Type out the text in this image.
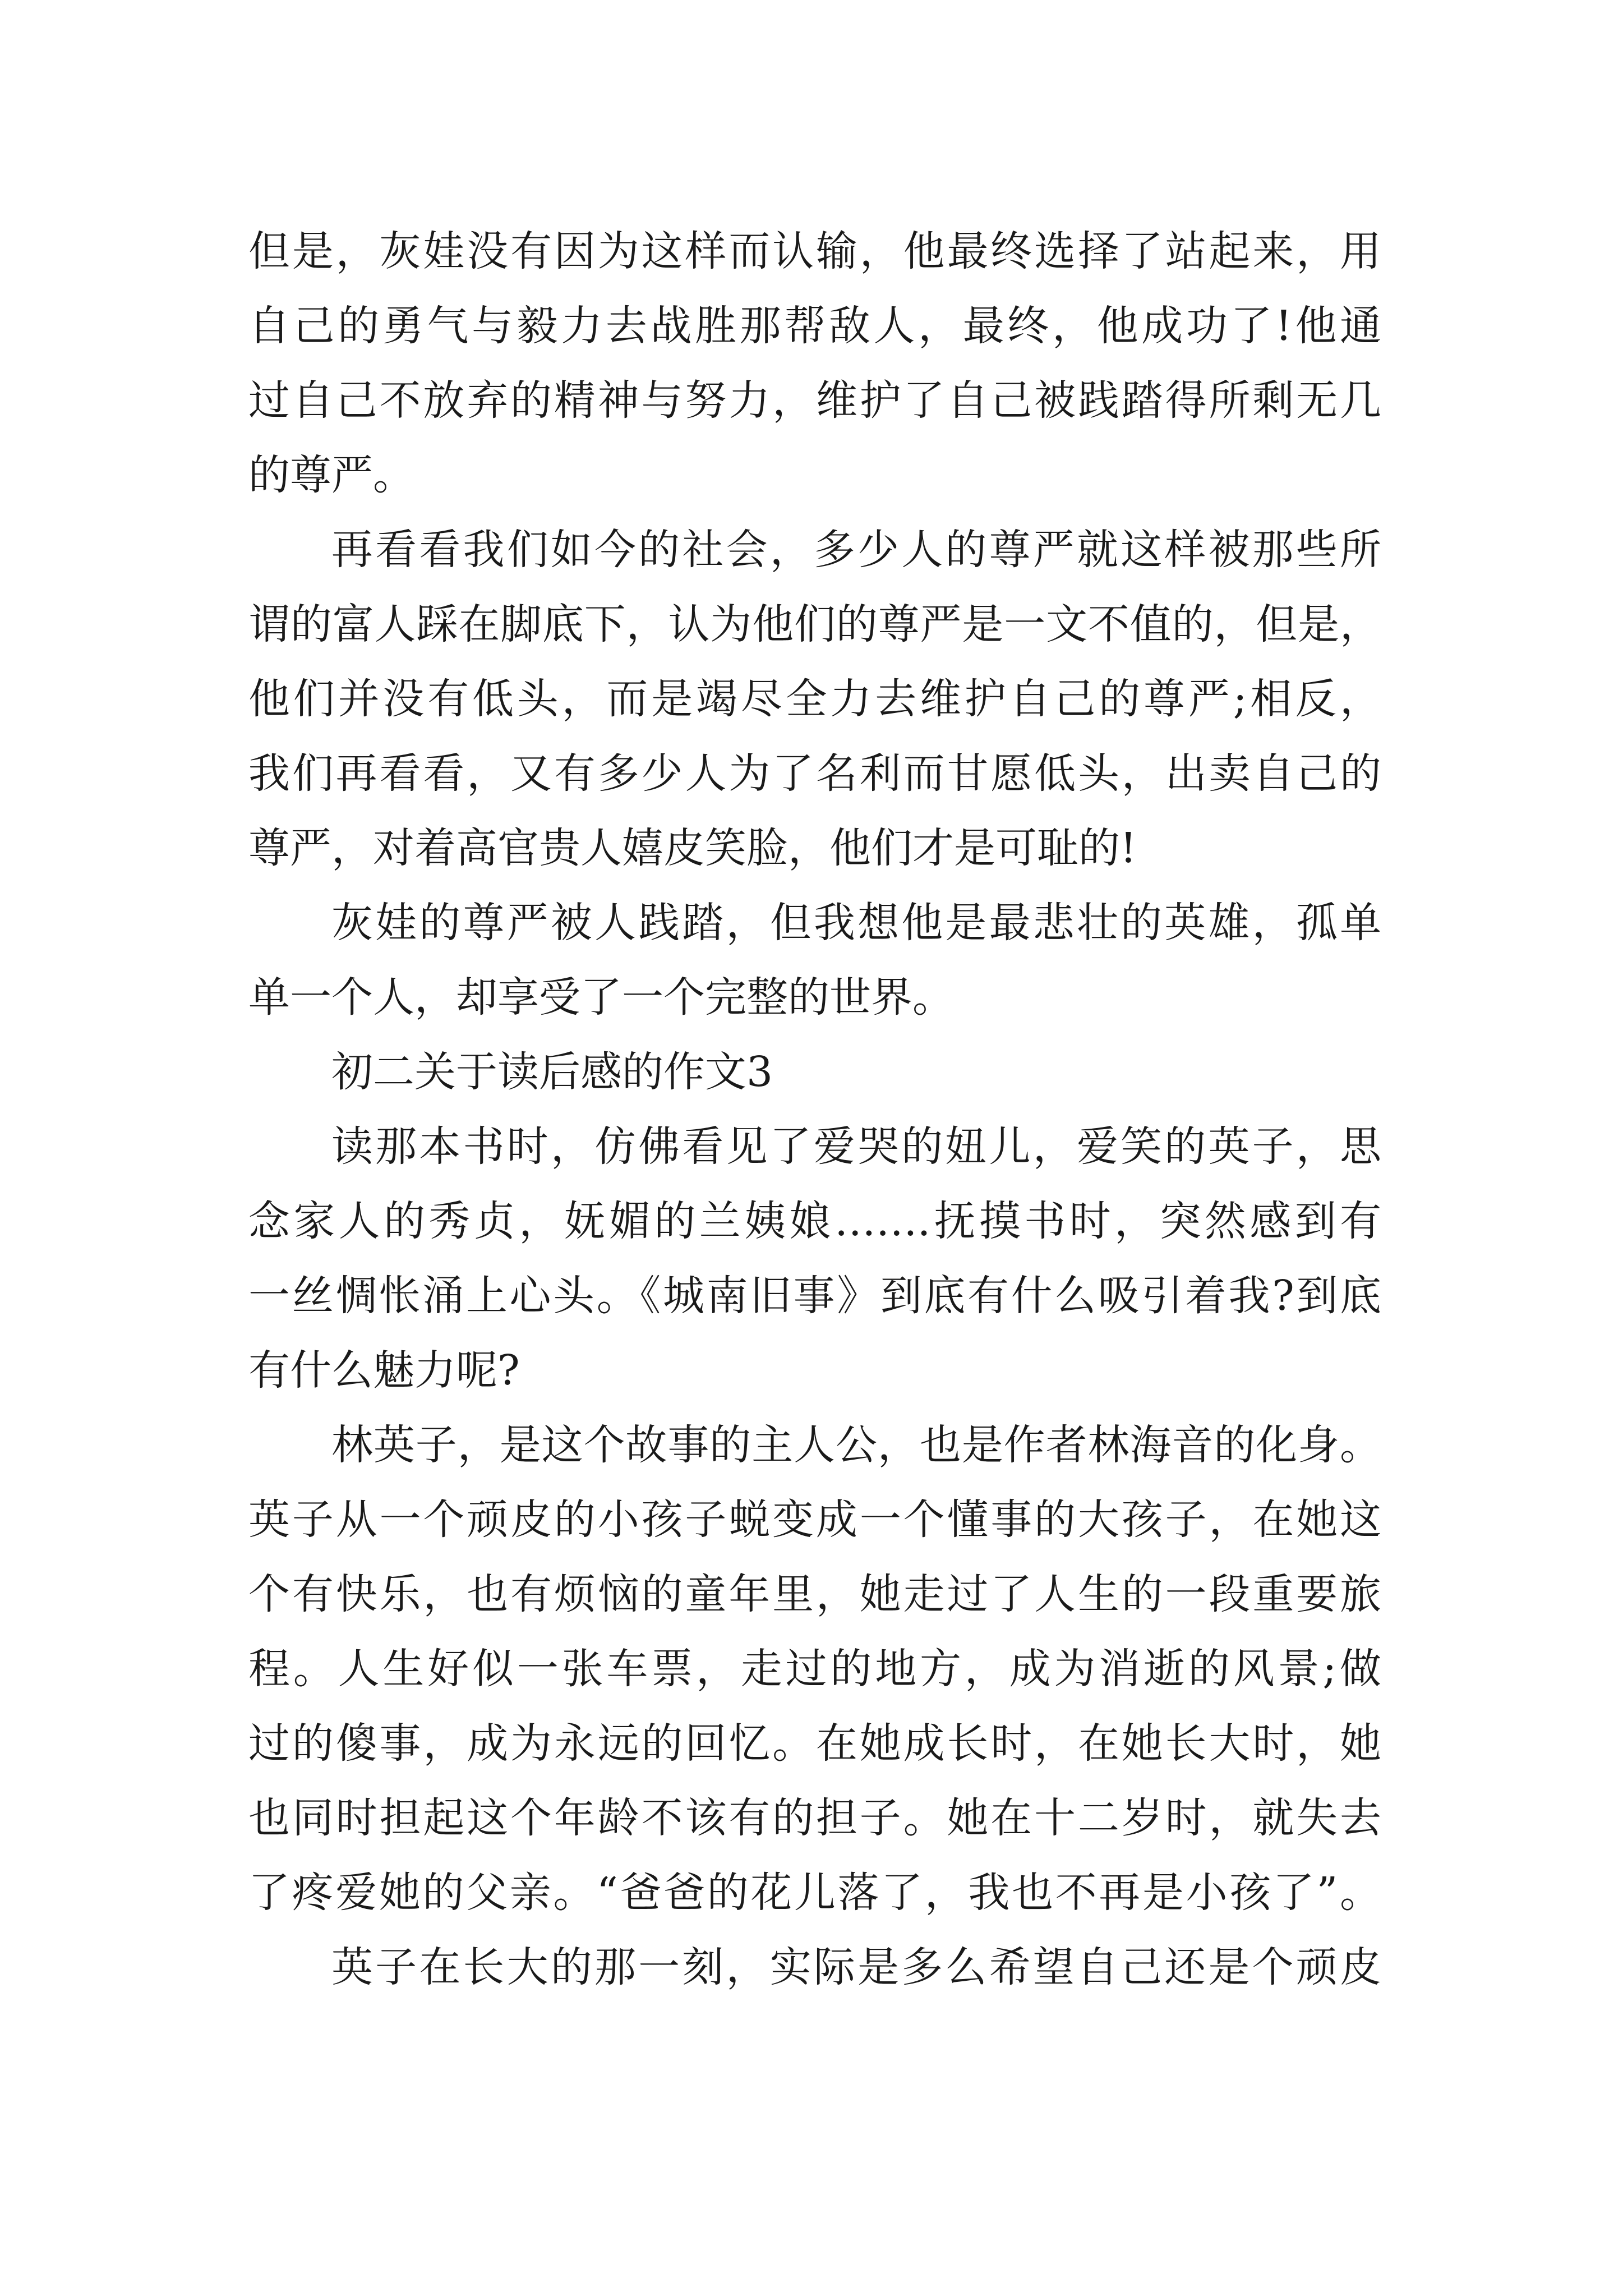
但是，灰娃没有因为这样而认输，他最终选择了站起来，用
自己的勇气与毅力去战胜那帮敌人，最终，他成功了!他通
过自己不放弃的精神与努力，维护了自己被践踏得所剩无几
的尊严。

再看看我们如今的社会，多少人的尊严就这样被那些所
谓的富人踩在脚底下，认为他们的尊严是一文不值的，但是，
他们并没有低头，而是竭尽全力去维护自己的尊严;相反，
我们再看看，又有多少人为了名利而甘愿低头，出卖自己的
尊严，对着高官贵人嬉皮笑脸，他们才是可耻的!

灰娃的尊严被人践踏，但我想他是最悲壮的英雄，孤单
单一个人，却享受了一个完整的世界。

初二关于读后感的作文3

读那本书时，仿佛看见了爱哭的妞儿，爱笑的英子，思
念家人的秀贞，妩媚的兰姨娘…….抚摸书时，突然感到有
一丝惆怅涌上心头。《城南旧事》到底有什么吸引着我?到底
有什么魅力呢?

林英子，是这个故事的主人公，也是作者林海音的化身。
英子从一个顽皮的小孩子蜕变成一个懂事的大孩子，在她这
个有快乐，也有烦恼的童年里，她走过了人生的一段重要旅
程。人生好似一张车票，走过的地方，成为消逝的风景;做
过的傻事，成为永远的回忆。在她成长时，在她长大时，她
也同时担起这个年龄不该有的担子。她在十二岁时，就失去
了疼爱她的父亲。“爸爸的花儿落了，我也不再是小孩了”。

英子在长大的那一刻，实际是多么希望自己还是个顽皮
